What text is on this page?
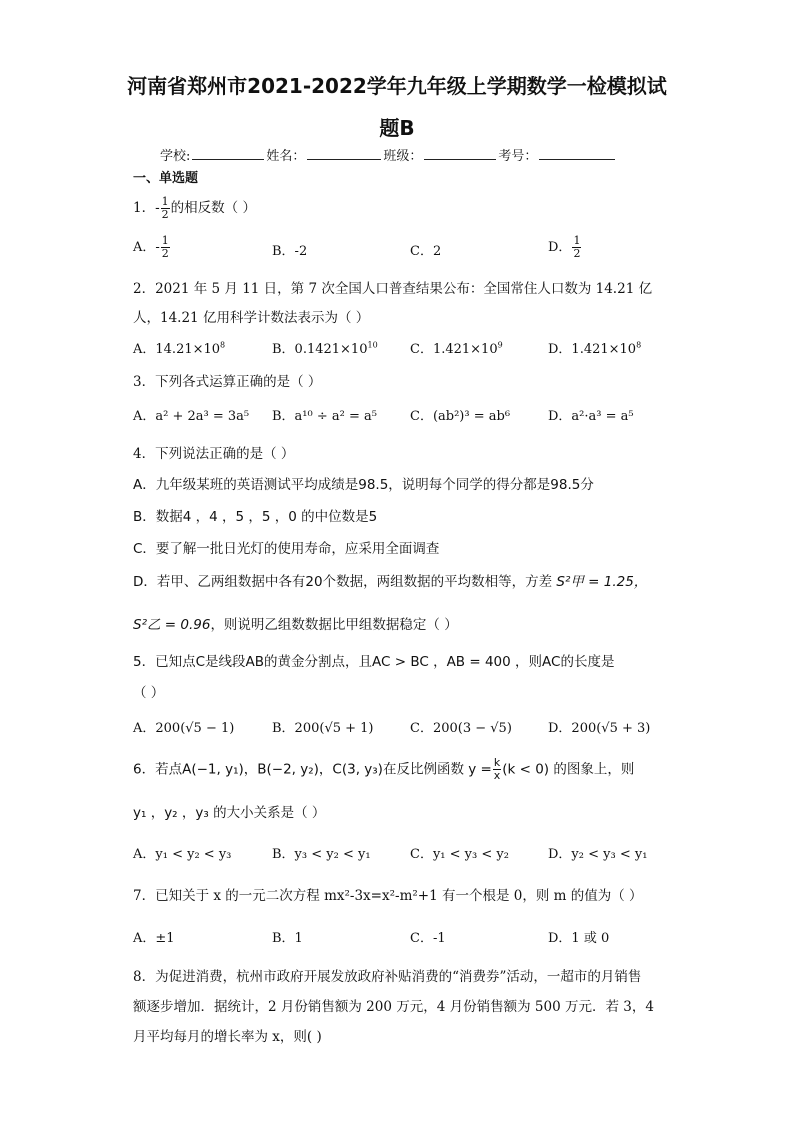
河南省郑州市2021-2022学年九年级上学期数学一检模拟试
题B
学校:	姓名：	班级：	考号：
一、单选题
1．- $\frac{1}{2}$ 的相反数（ ）
A．- $\frac{1}{2}$	B．-2	C．2	D． $\frac{1}{2}$
2．2021 年 5 月 11 日，第 7 次全国人口普查结果公布：全国常住人口数为 14.21 亿
人，14.21 亿用科学计数法表示为（ ）
A．$14.21\times 10^8$	B．$0.1421\times 10^{10}$ C．$1.421\times 10^9$	D．$1.421\times 10^8$
3．下列各式运算正确的是（ ）
A．a² + 2a³ = 3a⁵ B．a¹⁰ ÷ a² = a⁵	C．(ab²)³ = ab⁶	D．a²·a³ = a⁵
4．下列说法正确的是（ ）
A．九年级某班的英语测试平均成绩是98.5，说明每个同学的得分都是98.5分
B．数据4 ，4 ，5 ，5 ，0 的中位数是5
C．要了解一批日光灯的使用寿命，应采用全面调查
D．若甲、乙两组数据中各有20个数据，两组数据的平均数相等，方差 S²甲 = 1.25，
S²乙 = 0.96，则说明乙组数数据比甲组数据稳定（ ）
5．已知点C是线段AB的黄金分割点，且AC > BC ，AB = 400 ，则AC的长度是
（ ）
A．200(√5 − 1)	B．200(√5 + 1)	C．200(3 − √5)	D．200(√5 + 3)
6．若点A(−1, y₁)，B(−2, y₂)，C(3, y₃)在反比例函数 $y = \frac{k}{x} (k < 0)$ 的图象上，则
y₁ ，y₂ ，y₃ 的大小关系是（ ）
A．y₁ < y₂ < y₃	B．y₃ < y₂ < y₁	C．y₁ < y₃ < y₂	D．y₂ < y₃ < y₁
7．已知关于 x 的一元二次方程 mx²-3x=x²-m²+1 有一个根是 0，则 m 的值为（ ）
A．±1	B．1	C．-1	D．1 或 0
8．为促进消费，杭州市政府开展发放政府补贴消费的“消费券”活动，一超市的月销售
额逐步增加．据统计，2 月份销售额为 200 万元，4 月份销售额为 500 万元．若 3，4
月平均每月的增长率为 x，则( )
